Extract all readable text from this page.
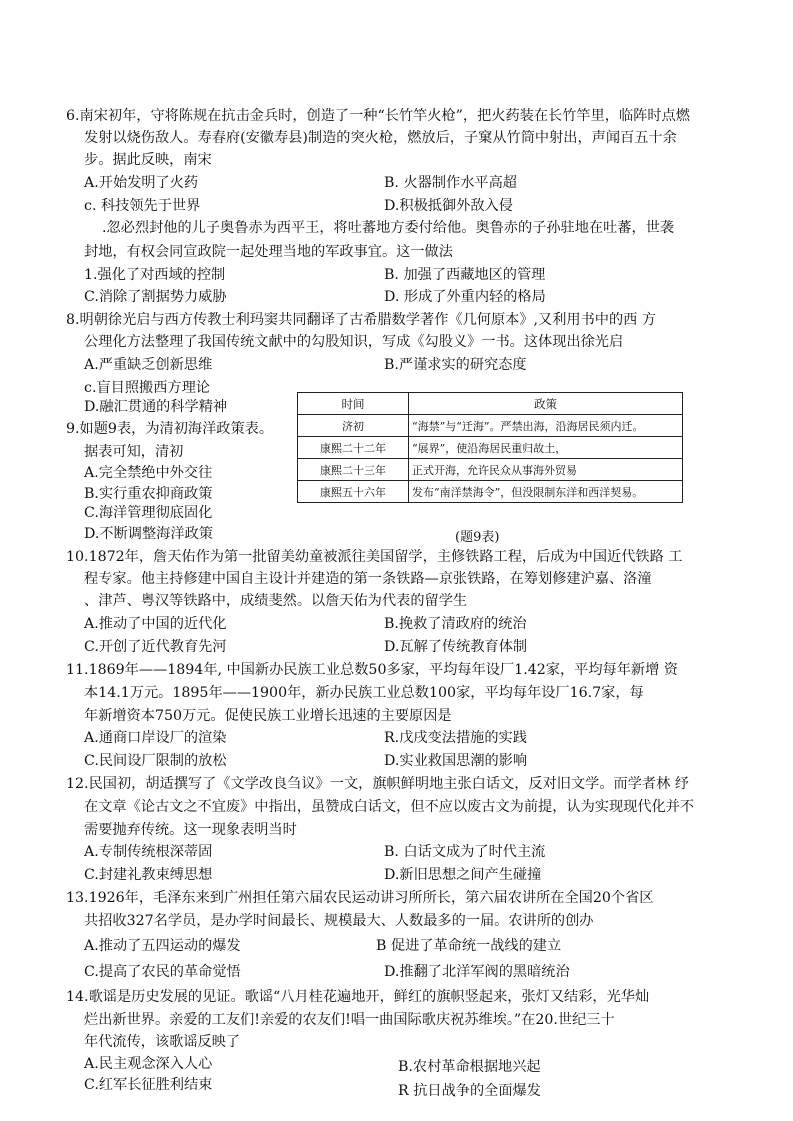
6.南宋初年，守将陈规在抗击金兵时，创造了一种“长竹竿火枪”，把火药装在长竹竿里，临阵时点燃
发射以烧伤敌人。寿春府(安徽寿县)制造的突火枪，燃放后，子窠从竹筒中射出，声闻百五十余
步。据此反映，南宋
A.开始发明了火药	B. 火器制作水平高超
c. 科技领先于世界	D.积极抵御外敌入侵
.忽必烈封他的儿子奥鲁赤为西平王，将吐蕃地方委付给他。奥鲁赤的子孙驻地在吐蕃，世袭
封地，有权会同宣政院一起处理当地的军政事宜。这一做法
1.强化了对西域的控制	B. 加强了西藏地区的管理
C.消除了割据势力威胁	D. 形成了外重内轻的格局
8.明朝徐光启与西方传教士利玛窦共同翻译了古希腊数学著作《几何原本》,又利用书中的西 方
公理化方法整理了我国传统文献中的勾股知识，写成《勾股义》一书。这体现出徐光启
A.严重缺乏创新思维	B.严谨求实的研究态度
c.盲目照搬西方理论
D.融汇贯通的科学精神
9.如题9表，为清初海洋政策表。
据表可知，清初
A.完全禁绝中外交往
B.实行重农抑商政策
C.海洋管理彻底固化
D.不断调整海洋政策
时间	政策
济初	“海禁”与“迁海”。严禁出海，沿海居民须内迁。
康熙二十二年	“展界”，使沿海居民重归故土，
康熙二十三年	正式开海，允许民众从事海外贸易
康熙五十六年	发布“南洋禁海令”，但没限制东洋和西洋契易。
(题9表)
10.1872年，詹天佑作为第一批留美幼童被派往美国留学，主修铁路工程，后成为中国近代铁路 工
程专家。他主持修建中国自主设计并建造的第一条铁路—京张铁路，在筹划修建沪嘉、洛潼
、津芦、粤汉等铁路中，成绩斐然。以詹天佑为代表的留学生
A.推动了中国的近代化	B.挽救了清政府的统治
C.开创了近代教育先河	D.瓦解了传统教育体制
11.1869年——1894年, 中国新办民族工业总数50多家，平均每年设厂1.42家，平均每年新增 资
本14.1万元。1895年——1900年，新办民族工业总数100家，平均每年设厂16.7家，每
年新增资本750万元。促使民族工业增长迅速的主要原因是
A.通商口岸设厂的渲染	R.戊戌变法措施的实践
C.民间设厂限制的放松	D.实业救国思潮的影响
12.民国初，胡适撰写了《文学改良刍议》一文，旗帜鲜明地主张白话文，反对旧文学。而学者林 纾
在文章《论古文之不宜废》中指出，虽赞成白话文，但不应以废古文为前提，认为实现现代化并不
需要抛弃传统。这一现象表明当时
A.专制传统根深蒂固	B. 白话文成为了时代主流
C.封建礼教束缚思想	D.新旧思想之间产生碰撞
13.1926年，毛泽东来到广州担任第六届农民运动讲习所所长，第六届农讲所在全国20个省区
共招收327名学员，是办学时间最长、规模最大、人数最多的一届。农讲所的创办
A.推动了五四运动的爆发	B 促进了革命统一战线的建立
C.提高了农民的革命觉悟	D.推翻了北洋军阀的黑暗统治
14.歌谣是历史发展的见证。歌谣“八月桂花遍地开，鲜红的旗帜竖起来，张灯又结彩，光华灿
烂出新世界。亲爱的工友们!亲爱的农友们!唱一曲国际歌庆祝苏维埃。”在20.世纪三十
年代流传，该歌谣反映了
A.民主观念深入人心	B.农村革命根据地兴起
C.红军长征胜利结束	R 抗日战争的全面爆发
